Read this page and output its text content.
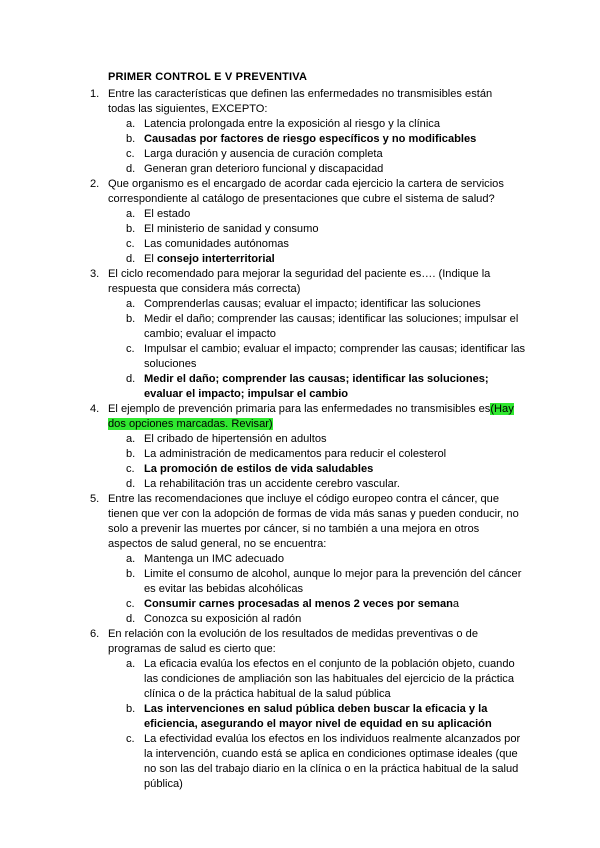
PRIMER CONTROL E V PREVENTIVA
1. Entre las características que definen las enfermedades no transmisibles están todas las siguientes, EXCEPTO:
a. Latencia prolongada entre la exposición al riesgo y la clínica
b. Causadas por factores de riesgo específicos y no modificables
c. Larga duración y ausencia de curación completa
d. Generan gran deterioro funcional y discapacidad
2. Que organismo es el encargado de acordar cada ejercicio la cartera de servicios correspondiente al catálogo de presentaciones que cubre el sistema de salud?
a. El estado
b. El ministerio de sanidad y consumo
c. Las comunidades autónomas
d. El consejo interterritorial
3. El ciclo recomendado para mejorar la seguridad del paciente es…. (Indique la respuesta que considera más correcta)
a. Comprenderlas causas; evaluar el impacto; identificar las soluciones
b. Medir el daño; comprender las causas; identificar las soluciones; impulsar el cambio; evaluar el impacto
c. Impulsar el cambio; evaluar el impacto; comprender las causas; identificar las soluciones
d. Medir el daño; comprender las causas; identificar las soluciones; evaluar el impacto; impulsar el cambio
4. El ejemplo de prevención primaria para las enfermedades no transmisibles es(Hay dos opciones marcadas. Revisar)
a. El cribado de hipertensión en adultos
b. La administración de medicamentos para reducir el colesterol
c. La promoción de estilos de vida saludables
d. La rehabilitación tras un accidente cerebro vascular.
5. Entre las recomendaciones que incluye el código europeo contra el cáncer, que tienen que ver con la adopción de formas de vida más sanas y pueden conducir, no solo a prevenir las muertes por cáncer, si no también a una mejora en otros aspectos de salud general, no se encuentra:
a. Mantenga un IMC adecuado
b. Limite el consumo de alcohol, aunque lo mejor para la prevención del cáncer es evitar las bebidas alcohólicas
c. Consumir carnes procesadas al menos 2 veces por semana
d. Conozca su exposición al radón
6. En relación con la evolución de los resultados de medidas preventivas o de programas de salud es cierto que:
a. La eficacia evalúa los efectos en el conjunto de la población objeto, cuando las condiciones de ampliación son las habituales del ejercicio de la práctica clínica o de la práctica habitual de la salud pública
b. Las intervenciones en salud pública deben buscar la eficacia y la eficiencia, asegurando el mayor nivel de equidad en su aplicación
c. La efectividad evalúa los efectos en los individuos realmente alcanzados por la intervención, cuando está se aplica en condiciones optimase ideales (que no son las del trabajo diario en la clínica o en la práctica habitual de la salud pública)
